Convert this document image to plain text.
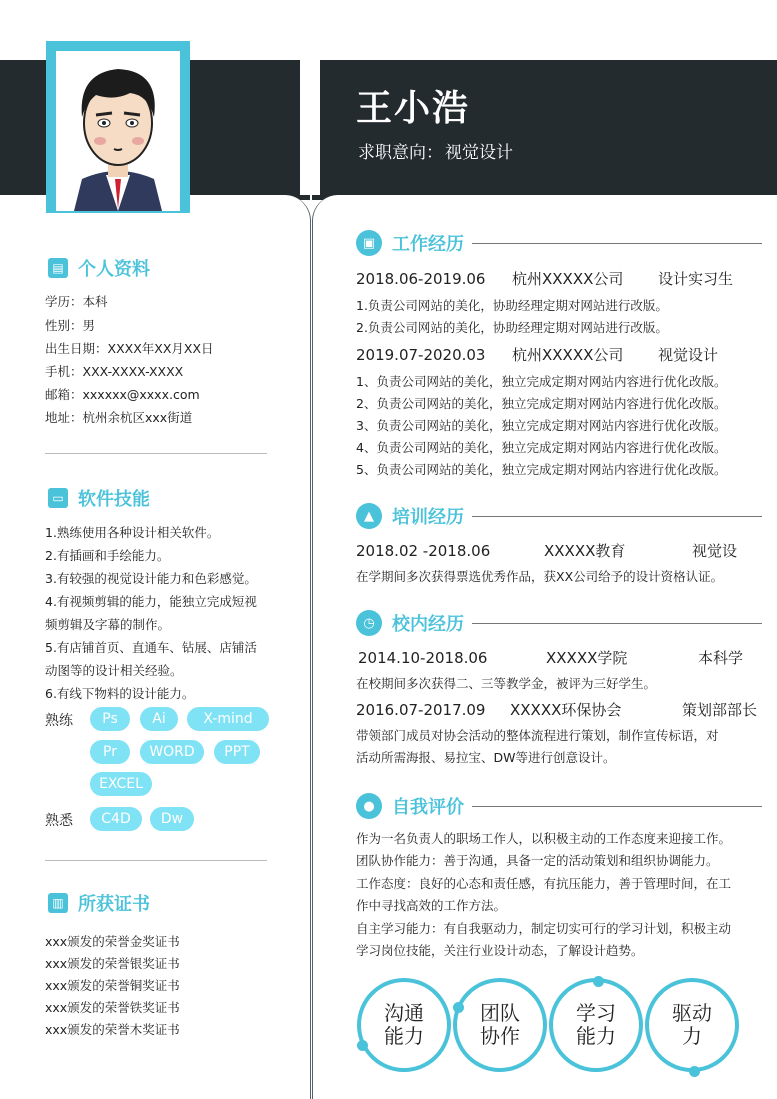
王小浩
求职意向： 视觉设计
▤ 个人资料
学历：本科
性别：男
出生日期：XXXX年XX月XX日
手机：XXX-XXXX-XXXX
邮箱：xxxxxx@xxxx.com
地址：杭州余杭区xxx街道
▭ 软件技能
1.熟练使用各种设计相关软件。
2.有插画和手绘能力。
3.有较强的视觉设计能力和色彩感觉。
4.有视频剪辑的能力，能独立完成短视
频剪辑及字幕的制作。
5.有店铺首页、直通车、钻展、店铺活
动图等的设计相关经验。
6.有线下物料的设计能力。
熟练	Ps	Ai	X-mind
Pr	WORD	PPT
EXCEL
熟悉	C4D	Dw
▥ 所获证书
xxx颁发的荣誉金奖证书
xxx颁发的荣誉银奖证书
xxx颁发的荣誉铜奖证书
xxx颁发的荣誉铁奖证书
xxx颁发的荣誉木奖证书
▣ 工作经历
2018.06-2019.06 杭州XXXXX公司 设计实习生
1.负责公司网站的美化，协助经理定期对网站进行改版。
2.负责公司网站的美化，协助经理定期对网站进行改版。
2019.07-2020.03 杭州XXXXX公司 视觉设计
1、负责公司网站的美化，独立完成定期对网站内容进行优化改版。
2、负责公司网站的美化，独立完成定期对网站内容进行优化改版。
3、负责公司网站的美化，独立完成定期对网站内容进行优化改版。
4、负责公司网站的美化，独立完成定期对网站内容进行优化改版。
5、负责公司网站的美化，独立完成定期对网站内容进行优化改版。
▲	培训经历
2018.02 -2018.06	XXXXX教育	视觉设
在学期间多次获得票选优秀作品，获XX公司给予的设计资格认证。
◷ 校内经历
2014.10-2018.06	XXXXX学院	本科学
在校期间多次获得二、三等教学金，被评为三好学生。
2016.07-2017.09 XXXXX环保协会	策划部部长
带领部门成员对协会活动的整体流程进行策划，制作宣传标语，对
活动所需海报、易拉宝、DW等进行创意设计。
● 自我评价
作为一名负责人的职场工作人，以积极主动的工作态度来迎接工作。
团队协作能力：善于沟通，具备一定的活动策划和组织协调能力。
工作态度：良好的心态和责任感，有抗压能力，善于管理时间，在工
作中寻找高效的工作方法。
自主学习能力：有自我驱动力，制定切实可行的学习计划，积极主动
学习岗位技能，关注行业设计动态，了解设计趋势。
沟通
能力
团队
协作
学习
能力
驱动
力
